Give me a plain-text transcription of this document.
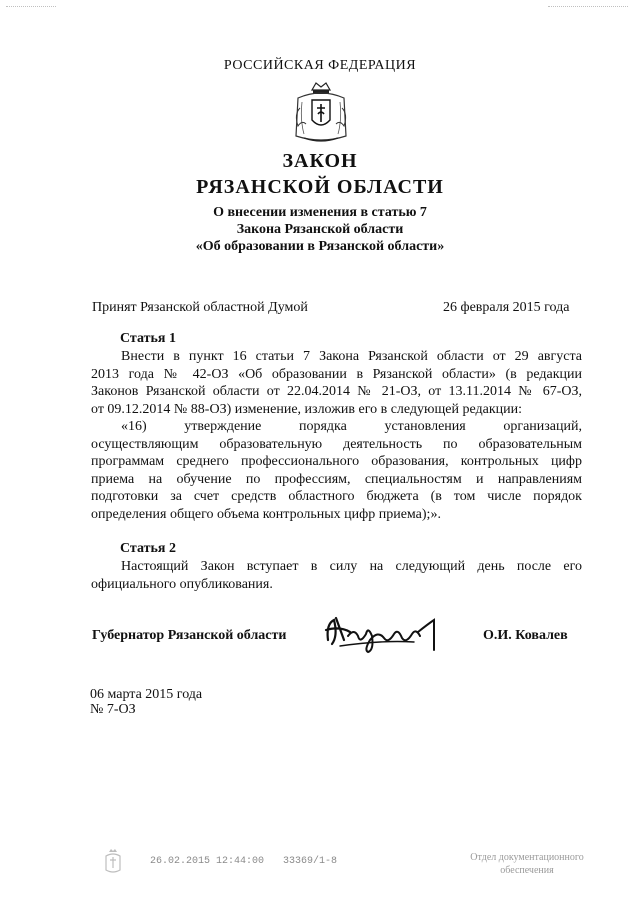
РОССИЙСКАЯ ФЕДЕРАЦИЯ
ЗАКОН
РЯЗАНСКОЙ ОБЛАСТИ
О внесении изменения в статью 7
Закона Рязанской области
«Об образовании в Рязанской области»
Принят Рязанской областной Думой	26 февраля 2015 года
Статья 1
Внести в пункт 16 статьи 7 Закона Рязанской области от 29 августа
2013 года № 42-ОЗ «Об образовании в Рязанской области» (в редакции
Законов Рязанской области от 22.04.2014 № 21-ОЗ, от 13.11.2014 № 67-ОЗ,
от 09.12.2014 № 88-ОЗ) изменение, изложив его в следующей редакции:
«16) утверждение порядка установления организаций,
осуществляющим образовательную деятельность по образовательным
программам среднего профессионального образования, контрольных цифр
приема на обучение по профессиям, специальностям и направлениям
подготовки за счет средств областного бюджета (в том числе порядок
определения общего объема контрольных цифр приема);».
Статья 2
Настоящий Закон вступает в силу на следующий день после его
официального опубликования.
Губернатор Рязанской области	О.И. Ковалев
06 марта 2015 года
№ 7-ОЗ
26.02.2015 12:44:00 33369/1-8	Отдел документационного
обеспечения
